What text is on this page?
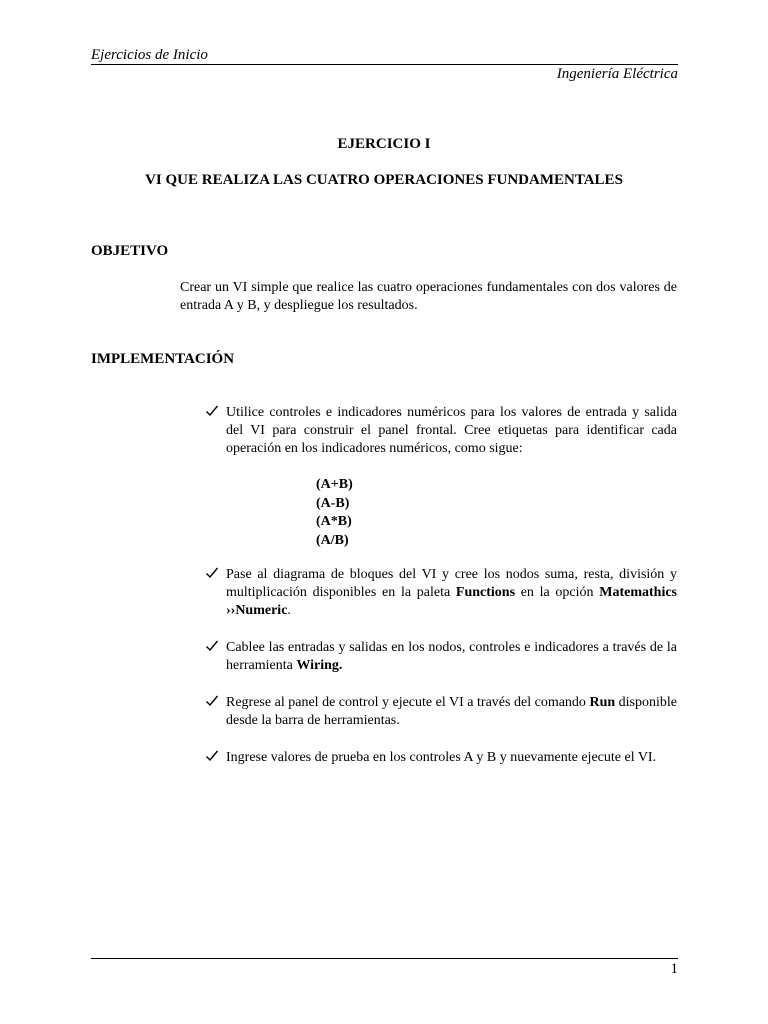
Ejercicios de Inicio
Ingeniería Eléctrica
EJERCICIO I
VI QUE REALIZA LAS CUATRO OPERACIONES FUNDAMENTALES
OBJETIVO
Crear un VI simple que realice las cuatro operaciones fundamentales con dos valores de entrada A y B, y despliegue los resultados.
IMPLEMENTACIÓN
Utilice controles e indicadores numéricos para los valores de entrada y salida del VI para construir el panel frontal. Cree etiquetas para identificar cada operación en los indicadores numéricos, como sigue:
(A+B)
(A-B)
(A*B)
(A/B)
Pase al diagrama de bloques del VI y cree los nodos suma, resta, división y multiplicación disponibles en la paleta Functions en la opción Matemathics ››Numeric.
Cablee las entradas y salidas en los nodos, controles e indicadores a través de la herramienta Wiring.
Regrese al panel de control y ejecute el VI a través del comando Run disponible desde la barra de herramientas.
Ingrese valores de prueba en los controles A y B y nuevamente ejecute el VI.
1
